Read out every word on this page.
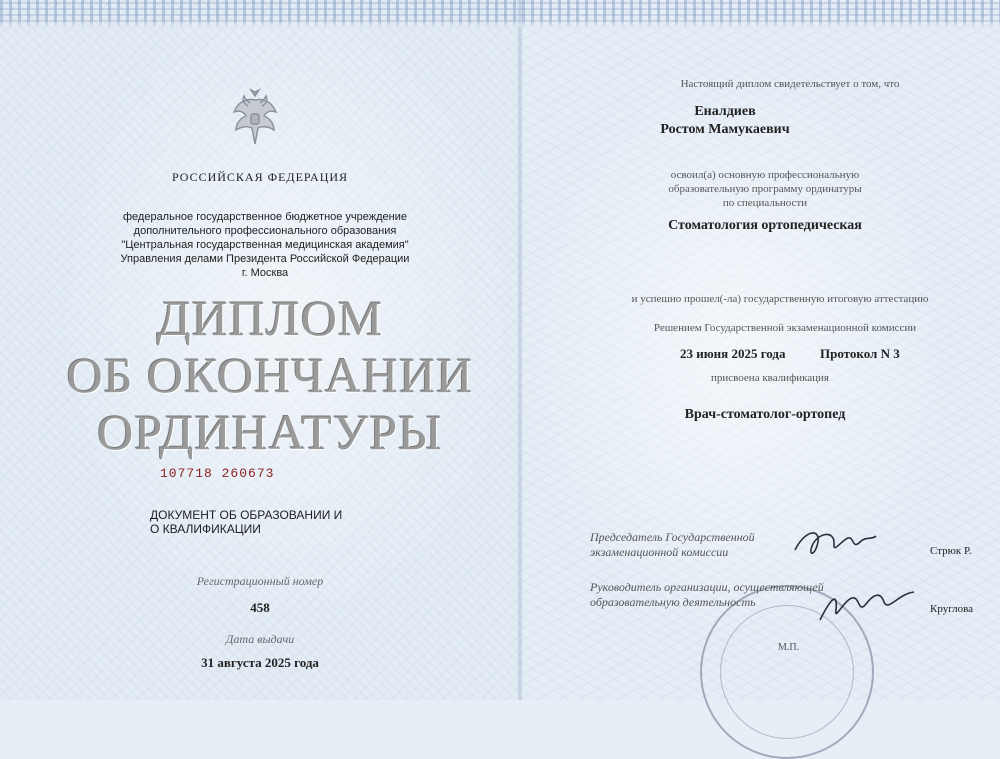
РОССИЙСКАЯ ФЕДЕРАЦИЯ
федеральное государственное бюджетное учреждение
дополнительного профессионального образования
"Центральная государственная медицинская академия"
Управления делами Президента Российской Федерации
г. Москва
ДИПЛОМ
ОБ ОКОНЧАНИИ
ОРДИНАТУРЫ
107718 260673
ДОКУМЕНТ ОБ ОБРАЗОВАНИИ И
О КВАЛИФИКАЦИИ
Регистрационный номер
458
Дата выдачи
31 августа 2025 года
Настоящий диплом свидетельствует о том, что
Еналдиев
Ростом Мамукаевич
освоил(а) основную профессиональную
образовательную программу ординатуры
по специальности
Стоматология ортопедическая
и успешно прошел(-ла) государственную итоговую аттестацию
Решением Государственной экзаменационной комиссии
23 июня 2025 года	Протокол N 3
присвоена квалификация
Врач-стоматолог-ортопед
Председатель Государственной
экзаменационной комиссии	Стрюк Р.
Руководитель организации, осуществляющей
образовательную деятельность	Круглова
М.П.
